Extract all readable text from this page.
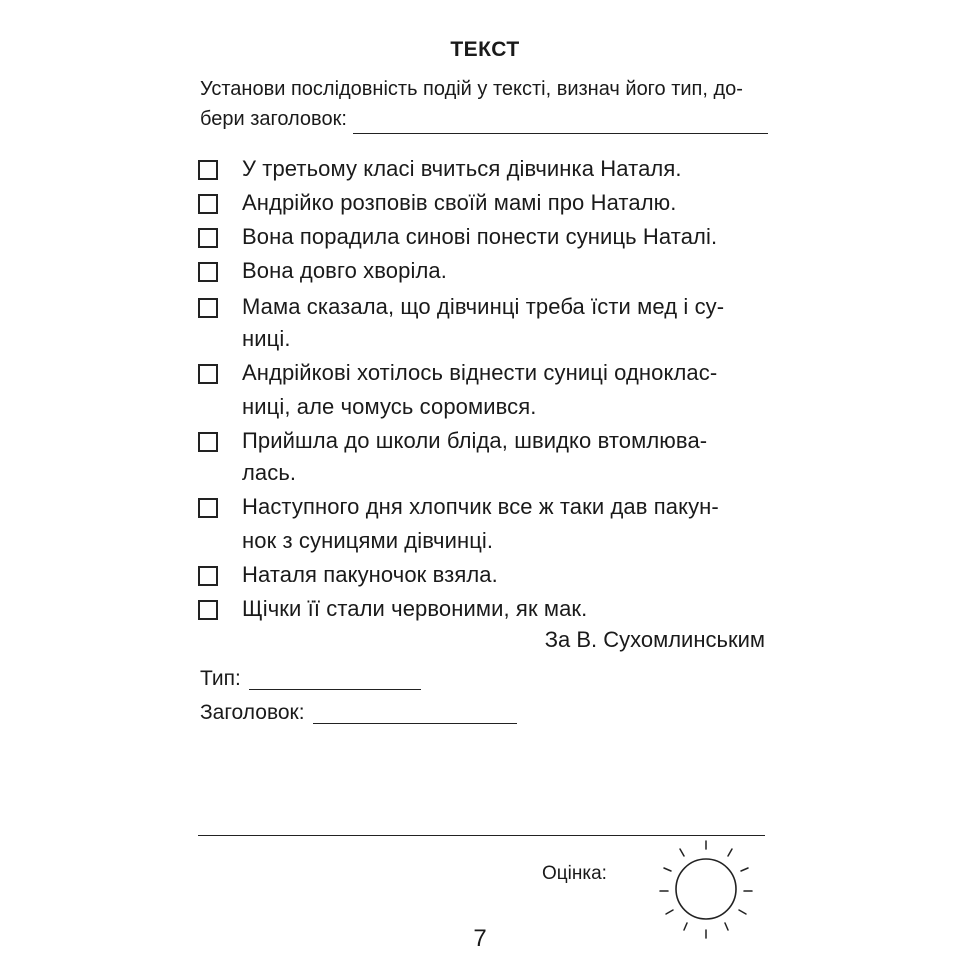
ТЕКСТ
Установи послідовність подій у тексті, визнач його тип, до-
бери заголовок:
У третьому класі вчиться дівчинка Наталя.
Андрійко розповів своїй мамі про Наталю.
Вона порадила синові понести суниць Наталі.
Вона довго хворіла.
Мама сказала, що дівчинці треба їсти мед і су-
ниці.
Андрійкові хотілось віднести суниці одноклас-
ниці, але чомусь соромився.
Прийшла до школи бліда, швидко втомлюва-
лась.
Наступного дня хлопчик все ж таки дав пакун-
нок з суницями дівчинці.
Наталя пакуночок взяла.
Щічки її стали червоними, як мак.
За В. Сухомлинським
Тип:
Заголовок:
Оцінка:
7
